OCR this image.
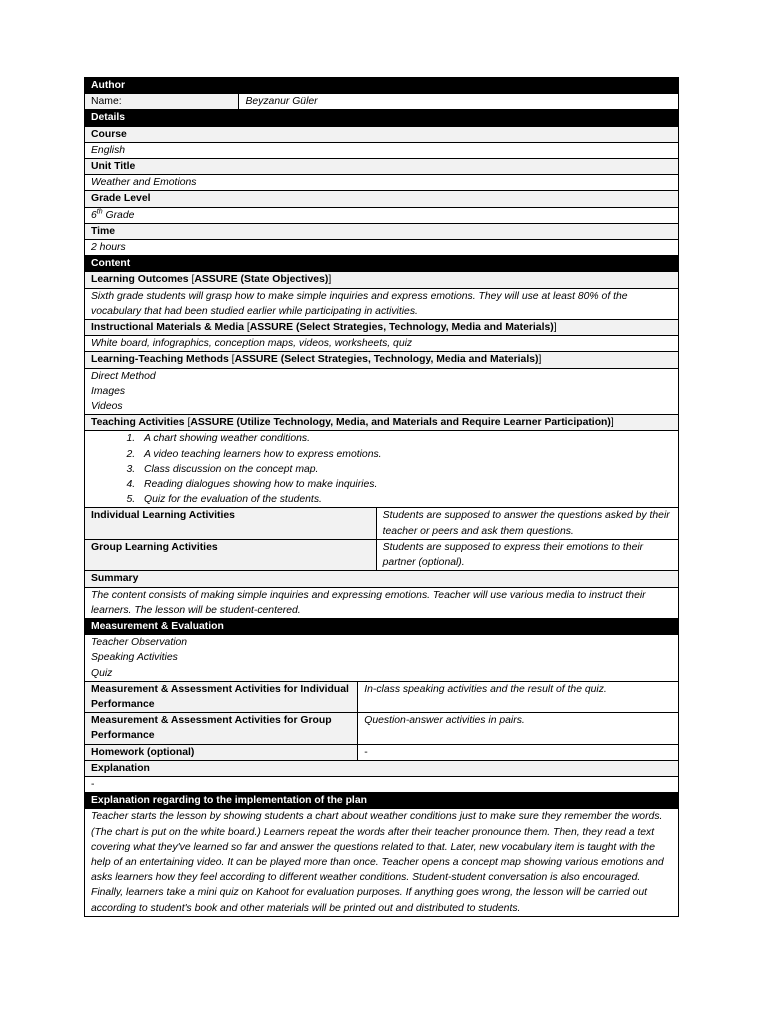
Author
Name:	Beyzanur Güler
Details
Course
English
Unit Title
Weather and Emotions
Grade Level
6th Grade
Time
2 hours
Content
Learning Outcomes [ASSURE (State Objectives)]
Sixth grade students will grasp how to make simple inquiries and express emotions. They will use at least 80% of the vocabulary that had been studied earlier while participating in activities.
Instructional Materials & Media [ASSURE (Select Strategies, Technology, Media and Materials)]
White board, infographics, conception maps, videos, worksheets, quiz
Learning-Teaching Methods [ASSURE (Select Strategies, Technology, Media and Materials)]

Direct Method
Images
Videos

Teaching Activities [ASSURE (Utilize Technology, Media, and Materials and Require Learner Participation)]

1. A chart showing weather conditions.
2. A video teaching learners how to express emotions.
3. Class discussion on the concept map.
4. Reading dialogues showing how to make inquiries.
5. Quiz for the evaluation of the students.
Individual Learning Activities	Students are supposed to answer the questions asked by their teacher or peers and ask them questions.
Group Learning Activities	Students are supposed to express their emotions to their partner (optional).
Summary
The content consists of making simple inquiries and expressing emotions. Teacher will use various media to instruct their learners. The lesson will be student-centered.
Measurement & Evaluation

Teacher Observation
Speaking Activities
Quiz
Measurement & Assessment Activities for Individual Performance	In-class speaking activities and the result of the quiz.
Measurement & Assessment Activities for Group Performance	Question-answer activities in pairs.
Homework (optional)	-
Explanation
-
Explanation regarding to the implementation of the plan
Teacher starts the lesson by showing students a chart about weather conditions just to make sure they remember the words. (The chart is put on the white board.) Learners repeat the words after their teacher pronounce them. Then, they read a text covering what they've learned so far and answer the questions related to that. Later, new vocabulary item is taught with the help of an entertaining video. It can be played more than once. Teacher opens a concept map showing various emotions and asks learners how they feel according to different weather conditions. Student-student conversation is also encouraged. Finally, learners take a mini quiz on Kahoot for evaluation purposes. If anything goes wrong, the lesson will be carried out according to student's book and other materials will be printed out and distributed to students.
